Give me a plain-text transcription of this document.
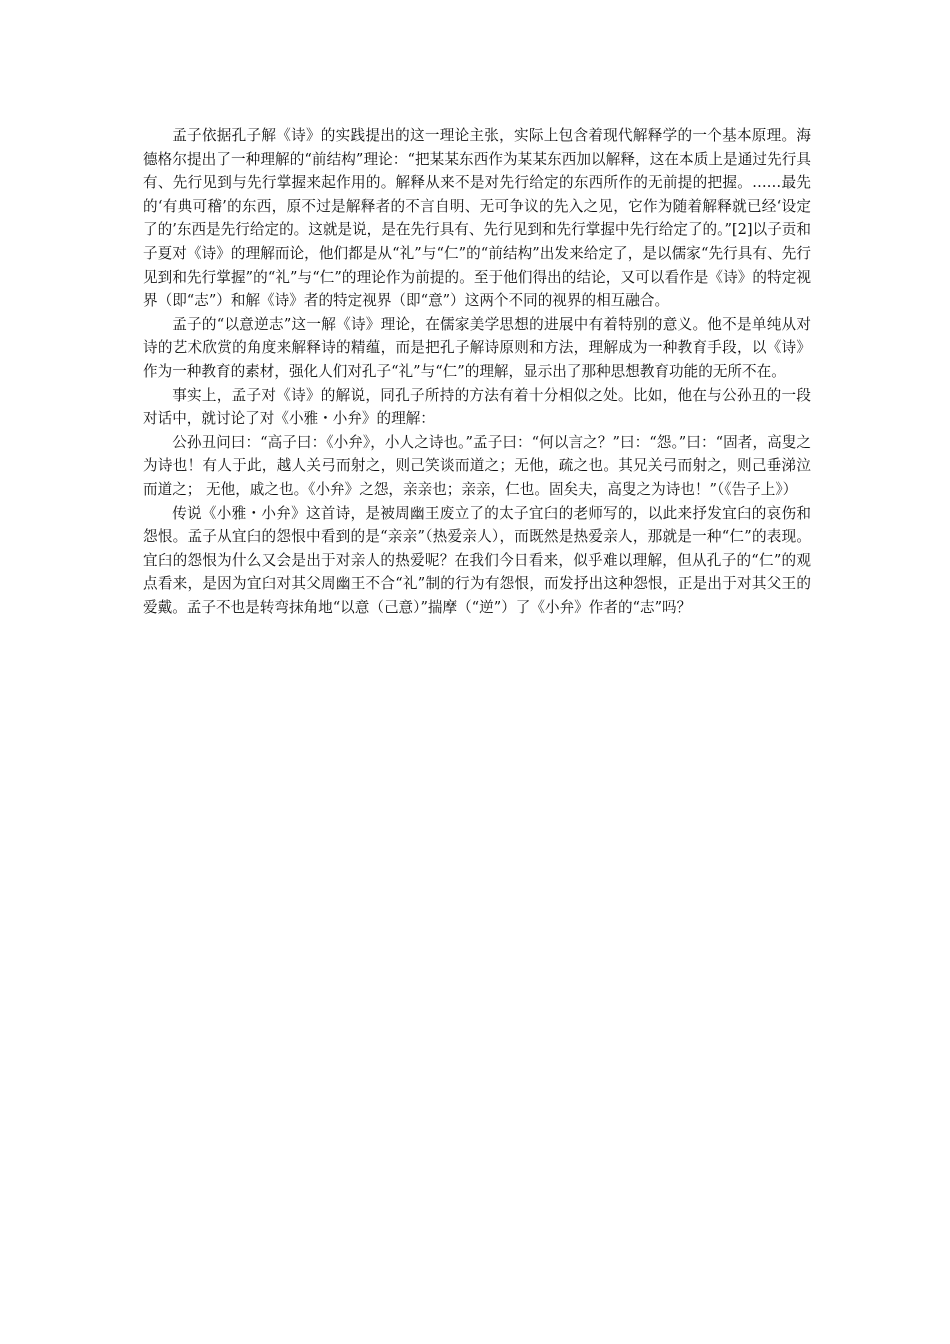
孟子依据孔子解《诗》的实践提出的这一理论主张，实际上包含着现代解释学的一个基本原理。海德格尔提出了一种理解的“前结构”理论：“把某某东西作为某某东西加以解释，这在本质上是通过先行具有、先行见到与先行掌握来起作用的。解释从来不是对先行给定的东西所作的无前提的把握。……最先的‘有典可稽’的东西，原不过是解释者的不言自明、无可争议的先入之见，它作为随着解释就已经‘设定了的’东西是先行给定的。这就是说，是在先行具有、先行见到和先行掌握中先行给定了的。”[2]以子贡和子夏对《诗》的理解而论，他们都是从“礼”与“仁”的“前结构”出发来给定了，是以儒家“先行具有、先行见到和先行掌握”的“礼”与“仁”的理论作为前提的。至于他们得出的结论，又可以看作是《诗》的特定视界（即“志”）和解《诗》者的特定视界（即“意”）这两个不同的视界的相互融合。

孟子的“以意逆志”这一解《诗》理论，在儒家美学思想的进展中有着特别的意义。他不是单纯从对诗的艺术欣赏的角度来解释诗的精蕴，而是把孔子解诗原则和方法，理解成为一种教育手段，以《诗》作为一种教育的素材，强化人们对孔子“礼”与“仁”的理解，显示出了那种思想教育功能的无所不在。

事实上，孟子对《诗》的解说，同孔子所持的方法有着十分相似之处。比如，他在与公孙丑的一段对话中，就讨论了对《小雅・小弁》的理解：

公孙丑问曰：“高子曰：《小弁》，小人之诗也。”孟子曰：“何以言之？”曰：“怨。”曰：“固者，高叟之为诗也！有人于此，越人关弓而射之，则己笑谈而道之；无他，疏之也。其兄关弓而射之，则己垂涕泣而道之； 无他，戚之也。《小弁》之怨，亲亲也；亲亲，仁也。固矣夫，高叟之为诗也！”（《告子上》）

传说《小雅・小弁》这首诗，是被周幽王废立了的太子宜臼的老师写的，以此来抒发宜臼的哀伤和怨恨。孟子从宜臼的怨恨中看到的是“亲亲”（热爱亲人），而既然是热爱亲人，那就是一种“仁”的表现。宜臼的怨恨为什么又会是出于对亲人的热爱呢？在我们今日看来，似乎难以理解，但从孔子的“仁”的观点看来，是因为宜臼对其父周幽王不合“礼”制的行为有怨恨，而发抒出这种怨恨，正是出于对其父王的爱戴。孟子不也是转弯抹角地“以意（己意）”揣摩（“逆”）了《小弁》作者的“志”吗？
